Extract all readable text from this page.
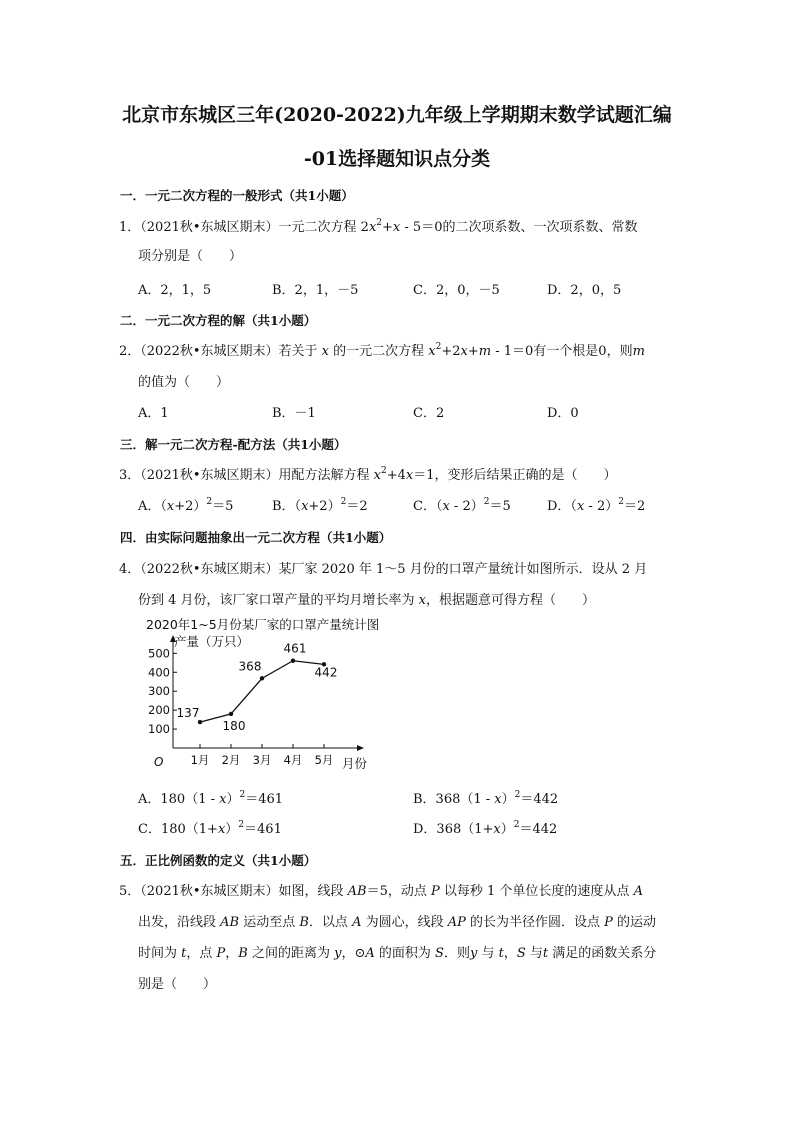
北京市东城区三年(2020-2022)九年级上学期期末数学试题汇编
-01选择题知识点分类
一．一元二次方程的一般形式（共1小题）
1．（2021秋•东城区期末）一元二次方程 $2x^2+x - 5=0$的二次项系数、一次项系数、常数
项分别是（　　）
A．2，1，5	B．2，1，－5	C．2，0，－5	D．2，0，5
二．一元二次方程的解（共1小题）
2．（2022秋•东城区期末）若关于 x 的一元二次方程 $x^2+2x+m - 1=0$有一个根是0，则m
的值为（　　）
A．1	B．－1	C．2	D．0
三．解一元二次方程-配方法（共1小题）
3．（2021秋•东城区期末）用配方法解方程 $x^2+4x=1$，变形后结果正确的是（　　）
A．$(x+2)^2=5$	B．$(x+2)^2=2$	C．（x - 2）$^2$＝5	D．（x - 2）$^2$＝2
四．由实际问题抽象出一元二次方程（共1小题）
4．（2022秋•东城区期末）某厂家 2020 年 1～5 月份的口罩产量统计如图所示．设从 2 月
份到 4 月份，该厂家口罩产量的平均月增长率为 x，根据题意可得方程（　　）
2020年1~5月份某厂家的口罩产量统计图
产量（万只）
月份
O
100
200
300
400
500
1月 2月 3月 4月 5月
137
180
368
461
442
A．180（1 - x）$^2$＝461	B．368（1 - x）$^2$＝442
C．$180(1+x)^2=461$	D．$368(1+x)^2=442$
五．正比例函数的定义（共1小题）
5．（2021秋•东城区期末）如图，线段 AB＝5，动点 P 以每秒 1 个单位长度的速度从点 A
出发，沿线段 AB 运动至点 B．以点 A 为圆心，线段 AP 的长为半径作圆．设点 P 的运动
时间为 t，点 P，B 之间的距离为 y，⊙A 的面积为 S．则y 与 t，S 与t 满足的函数关系分
别是（　　）
